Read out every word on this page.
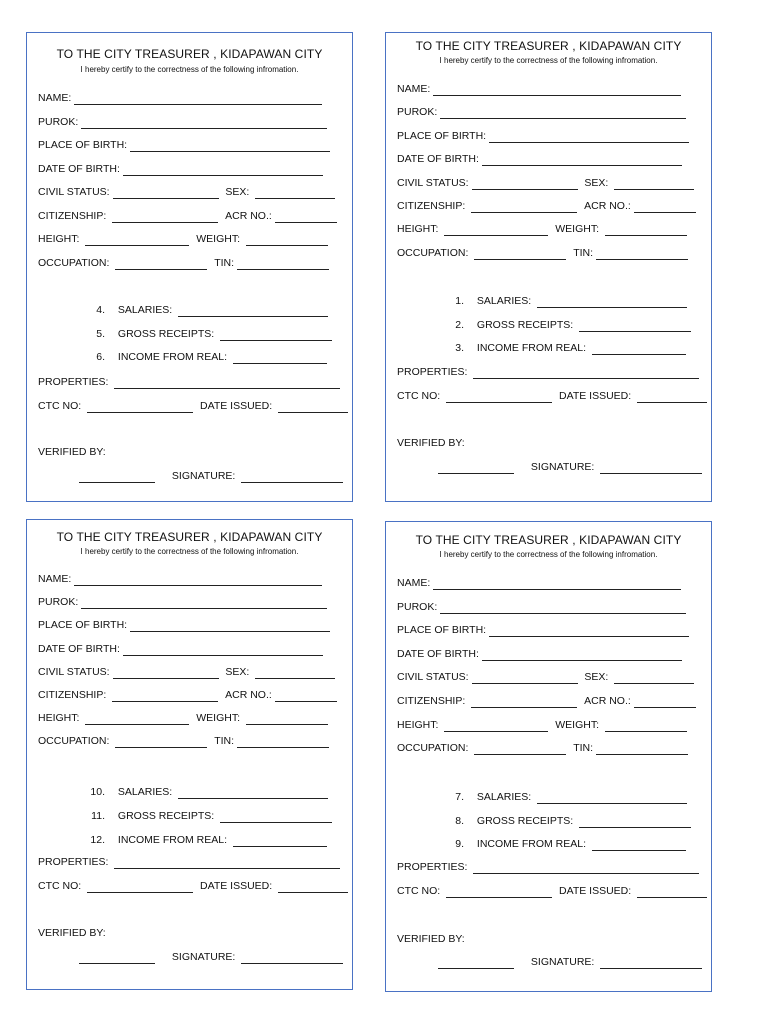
TO THE CITY TREASURER , KIDAPAWAN CITY
I hereby certify to the correctness of the following infromation.
NAME:
PUROK:
PLACE OF BIRTH:
DATE OF BIRTH:
CIVIL STATUS:	SEX:
CITIZENSHIP:	ACR NO.:
HEIGHT:	WEIGHT:
OCCUPATION:	TIN:
4. SALARIES:
5. GROSS RECEIPTS:
6. INCOME FROM REAL:
PROPERTIES:
CTC NO:	DATE ISSUED:
VERIFIED BY:
SIGNATURE:
TO THE CITY TREASURER , KIDAPAWAN CITY
I hereby certify to the correctness of the following infromation.
NAME:
PUROK:
PLACE OF BIRTH:
DATE OF BIRTH:
CIVIL STATUS:	SEX:
CITIZENSHIP:	ACR NO.:
HEIGHT:	WEIGHT:
OCCUPATION:	TIN:
1. SALARIES:
2. GROSS RECEIPTS:
3. INCOME FROM REAL:
PROPERTIES:
CTC NO:	DATE ISSUED:
VERIFIED BY:
SIGNATURE:
TO THE CITY TREASURER , KIDAPAWAN CITY
I hereby certify to the correctness of the following infromation.
NAME:
PUROK:
PLACE OF BIRTH:
DATE OF BIRTH:
CIVIL STATUS:	SEX:
CITIZENSHIP:	ACR NO.:
HEIGHT:	WEIGHT:
OCCUPATION:	TIN:
10. SALARIES:
11. GROSS RECEIPTS:
12. INCOME FROM REAL:
PROPERTIES:
CTC NO:	DATE ISSUED:
VERIFIED BY:
SIGNATURE:
TO THE CITY TREASURER , KIDAPAWAN CITY
I hereby certify to the correctness of the following infromation.
NAME:
PUROK:
PLACE OF BIRTH:
DATE OF BIRTH:
CIVIL STATUS:	SEX:
CITIZENSHIP:	ACR NO.:
HEIGHT:	WEIGHT:
OCCUPATION:	TIN:
7. SALARIES:
8. GROSS RECEIPTS:
9. INCOME FROM REAL:
PROPERTIES:
CTC NO:	DATE ISSUED:
VERIFIED BY:
SIGNATURE:
